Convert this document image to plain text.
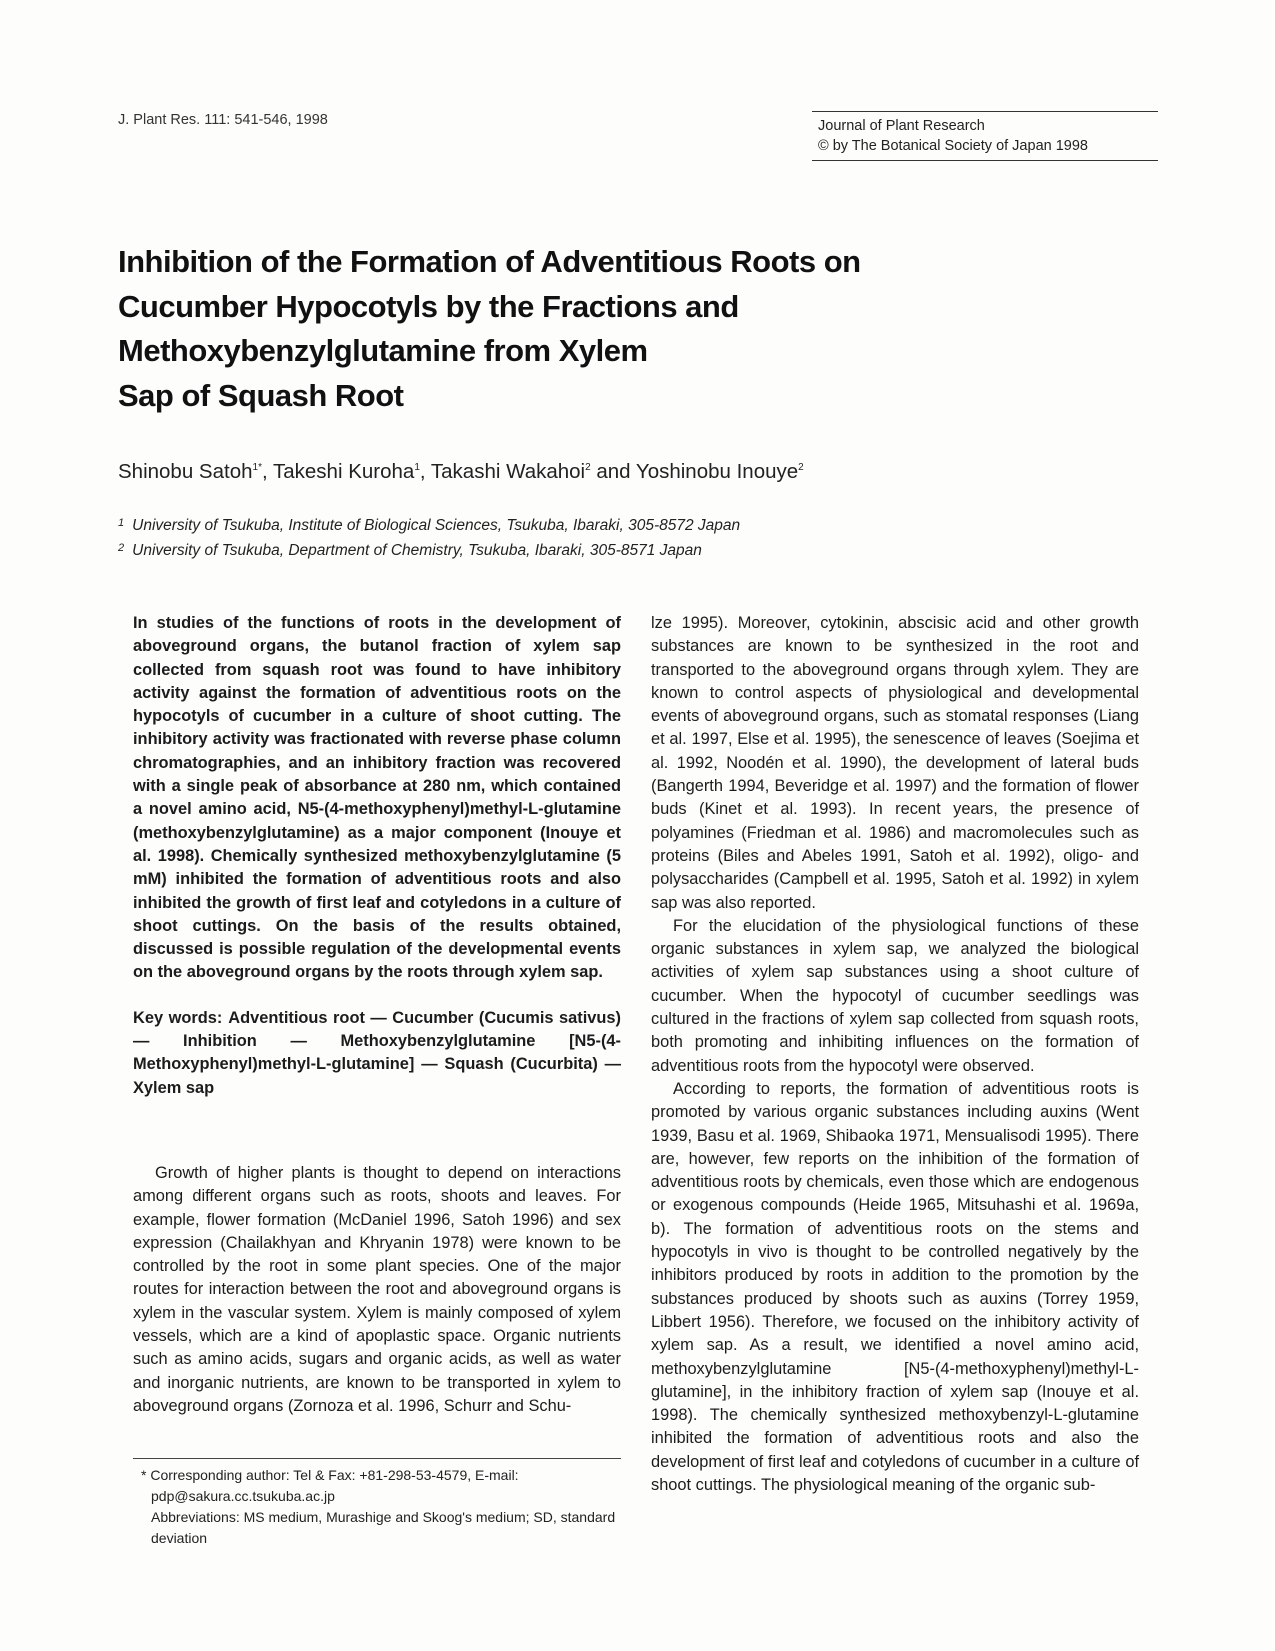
J. Plant Res. 111: 541-546, 1998	Journal of Plant Research
© by The Botanical Society of Japan 1998
Inhibition of the Formation of Adventitious Roots on
Cucumber Hypocotyls by the Fractions and
Methoxybenzylglutamine from Xylem
Sap of Squash Root
Shinobu Satoh$^{1*}$, Takeshi Kuroha$^1$, Takashi Wakahoi$^2$ and Yoshinobu Inouye$^2$
$^1$ University of Tsukuba, Institute of Biological Sciences, Tsukuba, Ibaraki, 305-8572 Japan
$^2$ University of Tsukuba, Department of Chemistry, Tsukuba, Ibaraki, 305-8571 Japan
In studies of the functions of roots in the development of aboveground organs, the butanol fraction of xylem sap collected from squash root was found to have inhibitory activity against the formation of adventitious roots on the hypocotyls of cucumber in a culture of shoot cutting. The inhibitory activity was fractionated with reverse phase column chromatographies, and an inhibitory fraction was recovered with a single peak of absorbance at 280 nm, which contained a novel amino acid, N5-(4-methoxyphenyl)methyl-L-glutamine (methoxybenzylglutamine) as a major component (Inouye et al. 1998). Chemically synthesized methoxybenzylglutamine (5 mM) inhibited the formation of adventitious roots and also inhibited the growth of first leaf and cotyledons in a culture of shoot cuttings. On the basis of the results obtained, discussed is possible regulation of the developmental events on the aboveground organs by the roots through xylem sap.
Key words: Adventitious root — Cucumber (Cucumis sativus) — Inhibition — Methoxybenzylglutamine [N5-(4-Methoxyphenyl)methyl-L-glutamine] — Squash (Cucurbita) — Xylem sap
Growth of higher plants is thought to depend on interactions among different organs such as roots, shoots and leaves. For example, flower formation (McDaniel 1996, Satoh 1996) and sex expression (Chailakhyan and Khryanin 1978) were known to be controlled by the root in some plant species. One of the major routes for interaction between the root and aboveground organs is xylem in the vascular system. Xylem is mainly composed of xylem vessels, which are a kind of apoplastic space. Organic nutrients such as amino acids, sugars and organic acids, as well as water and inorganic nutrients, are known to be transported in xylem to aboveground organs (Zornoza et al. 1996, Schurr and Schu-

lze 1995). Moreover, cytokinin, abscisic acid and other growth substances are known to be synthesized in the root and transported to the aboveground organs through xylem. They are known to control aspects of physiological and developmental events of aboveground organs, such as stomatal responses (Liang et al. 1997, Else et al. 1995), the senescence of leaves (Soejima et al. 1992, Noodén et al. 1990), the development of lateral buds (Bangerth 1994, Beveridge et al. 1997) and the formation of flower buds (Kinet et al. 1993). In recent years, the presence of polyamines (Friedman et al. 1986) and macromolecules such as proteins (Biles and Abeles 1991, Satoh et al. 1992), oligo- and polysaccharides (Campbell et al. 1995, Satoh et al. 1992) in xylem sap was also reported.

For the elucidation of the physiological functions of these organic substances in xylem sap, we analyzed the biological activities of xylem sap substances using a shoot culture of cucumber. When the hypocotyl of cucumber seedlings was cultured in the fractions of xylem sap collected from squash roots, both promoting and inhibiting influences on the formation of adventitious roots from the hypocotyl were observed.

According to reports, the formation of adventitious roots is promoted by various organic substances including auxins (Went 1939, Basu et al. 1969, Shibaoka 1971, Mensualisodi 1995). There are, however, few reports on the inhibition of the formation of adventitious roots by chemicals, even those which are endogenous or exogenous compounds (Heide 1965, Mitsuhashi et al. 1969a, b). The formation of adventitious roots on the stems and hypocotyls in vivo is thought to be controlled negatively by the inhibitors produced by roots in addition to the promotion by the substances produced by shoots such as auxins (Torrey 1959, Libbert 1956). Therefore, we focused on the inhibitory activity of xylem sap. As a result, we identified a novel amino acid, methoxybenzylglutamine [N5-(4-methoxyphenyl)methyl-L-glutamine], in the inhibitory fraction of xylem sap (Inouye et al. 1998). The chemically synthesized methoxybenzyl-L-glutamine inhibited the formation of adventitious roots and also the development of first leaf and cotyledons of cucumber in a culture of shoot cuttings. The physiological meaning of the organic sub-

* Corresponding author: Tel & Fax: +81-298-53-4579, E-mail: pdp@sakura.cc.tsukuba.ac.jp
Abbreviations: MS medium, Murashige and Skoog's medium; SD, standard deviation
